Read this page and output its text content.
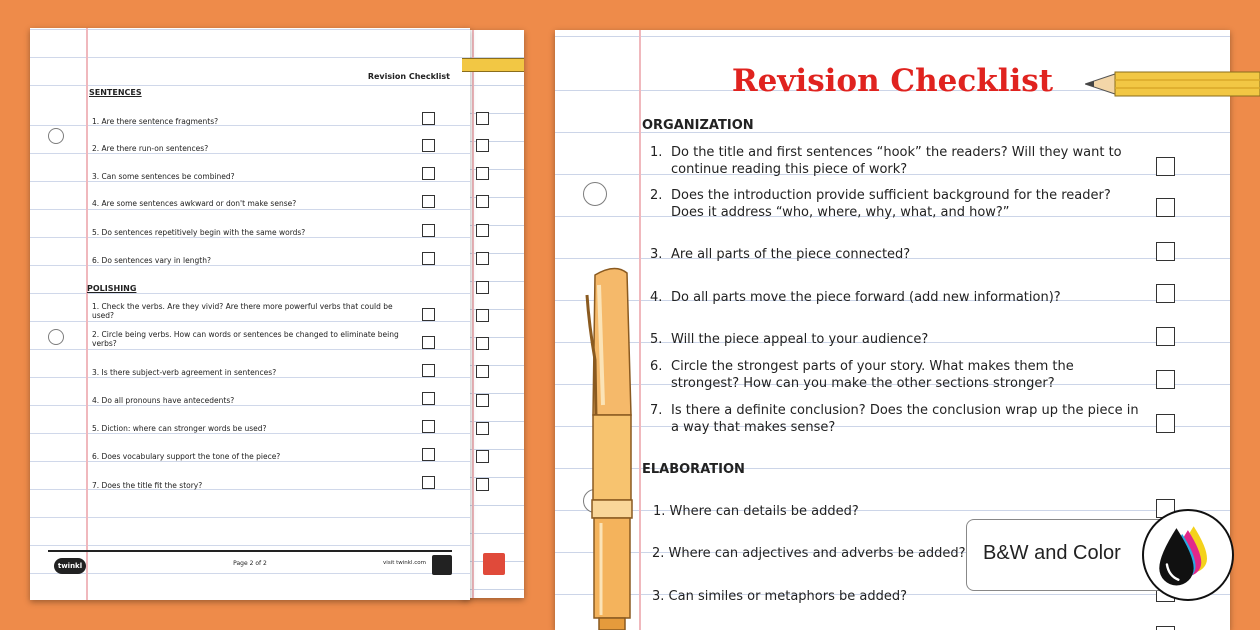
Revision Checklist
SENTENCES
1. Are there sentence fragments?
2. Are there run-on sentences?
3. Can some sentences be combined?
4. Are some sentences awkward or don't make sense?
5. Do sentences repetitively begin with the same words?
6. Do sentences vary in length?
POLISHING
1. Check the verbs. Are they vivid? Are there more powerful verbs that could be used?
2. Circle being verbs. How can words or sentences be changed to eliminate being verbs?
3. Is there subject-verb agreement in sentences?
4. Do all pronouns have antecedents?
5. Diction: where can stronger words be used?
6. Does vocabulary support the tone of the piece?
7. Does the title fit the story?
twinkl	Page 2 of 2	visit twinkl.com
Revision Checklist
ORGANIZATION
1. Do the title and first sentences “hook” the readers? Will they want to continue reading this piece of work?
2. Does the introduction provide sufficient background for the reader? Does it address “who, where, why, what, and how?”
3. Are all parts of the piece connected?
4. Do all parts move the piece forward (add new information)?
5. Will the piece appeal to your audience?
6. Circle the strongest parts of your story. What makes them the strongest? How can you make the other sections stronger?
7. Is there a definite conclusion? Does the conclusion wrap up the piece in a way that makes sense?
ELABORATION
1. Where can details be added?
2. Where can adjectives and adverbs be added?
3. Can similes or metaphors be added?
B&W and Color
